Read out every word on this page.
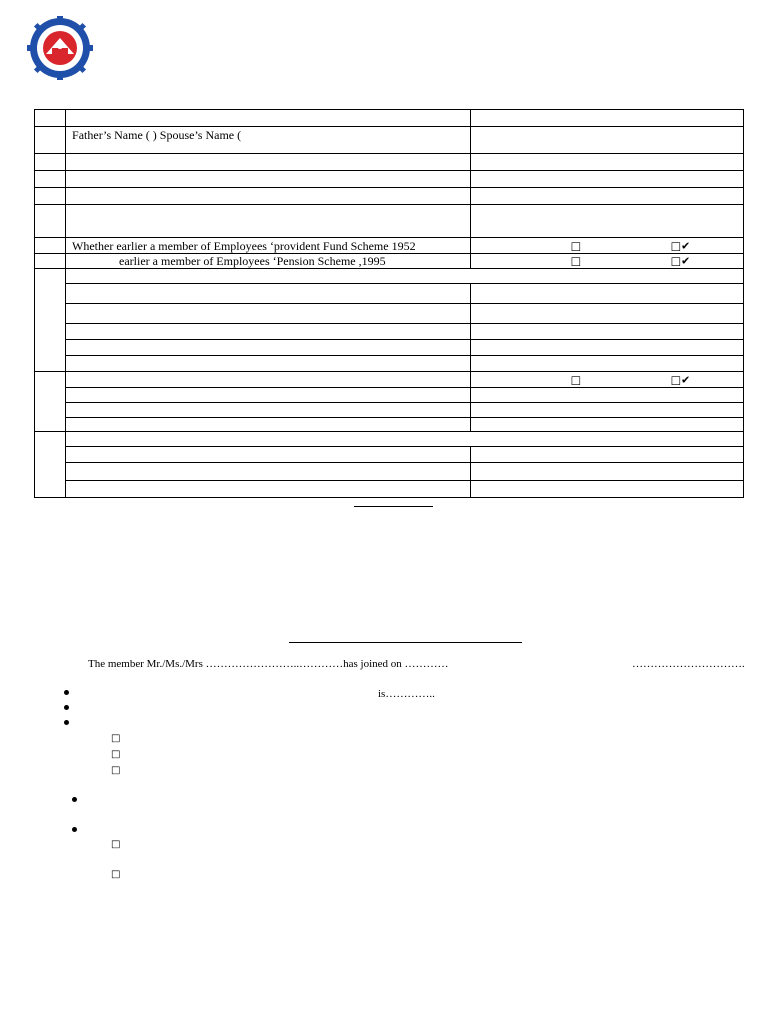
	Father’s Name ( ) Spouse’s Name (	

	Whether earlier a member of Employees ‘provident Fund Scheme 1952	□ □✔

	earlier a member of Employees ‘Pension Scheme ,1995	□ □✔

		□ □✔

The member Mr./Ms./Mrs ……………………..…………has joined on …………	………………………….
is…………..
□
□
□
□
□
